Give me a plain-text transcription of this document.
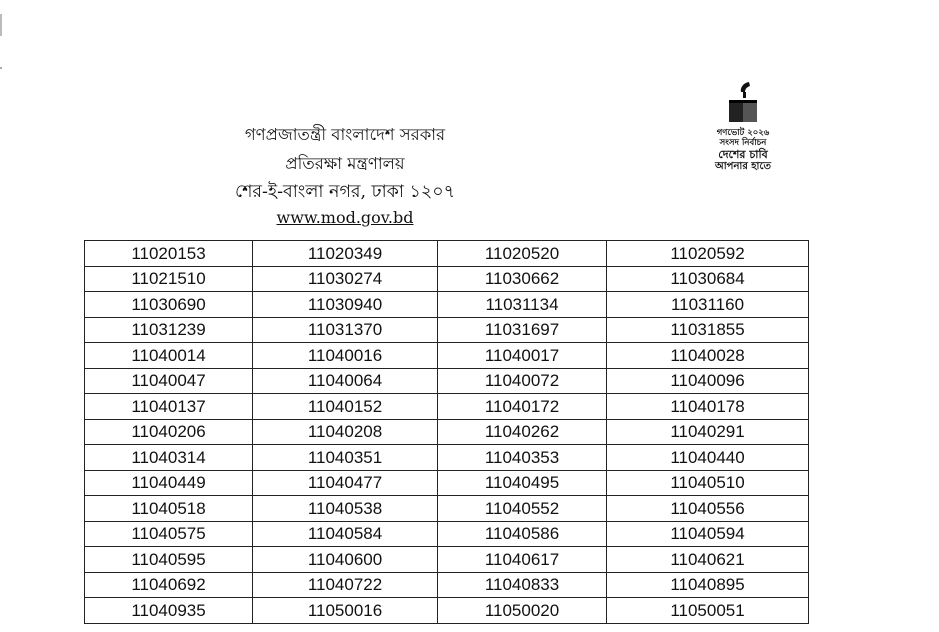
গণপ্রজাতন্ত্রী বাংলাদেশ সরকার
প্রতিরক্ষা মন্ত্রণালয়
শের-ই-বাংলা নগর, ঢাকা ১২০৭
www.mod.gov.bd
গণভোট ২০২৬
সংসদ নির্বাচন
দেশের চাবি
আপনার হাতে
11020153	11020349	11020520	11020592
11021510	11030274	11030662	11030684
11030690	11030940	11031134	11031160
11031239	11031370	11031697	11031855
11040014	11040016	11040017	11040028
11040047	11040064	11040072	11040096
11040137	11040152	11040172	11040178
11040206	11040208	11040262	11040291
11040314	11040351	11040353	11040440
11040449	11040477	11040495	11040510
11040518	11040538	11040552	11040556
11040575	11040584	11040586	11040594
11040595	11040600	11040617	11040621
11040692	11040722	11040833	11040895
11040935	11050016	11050020	11050051
